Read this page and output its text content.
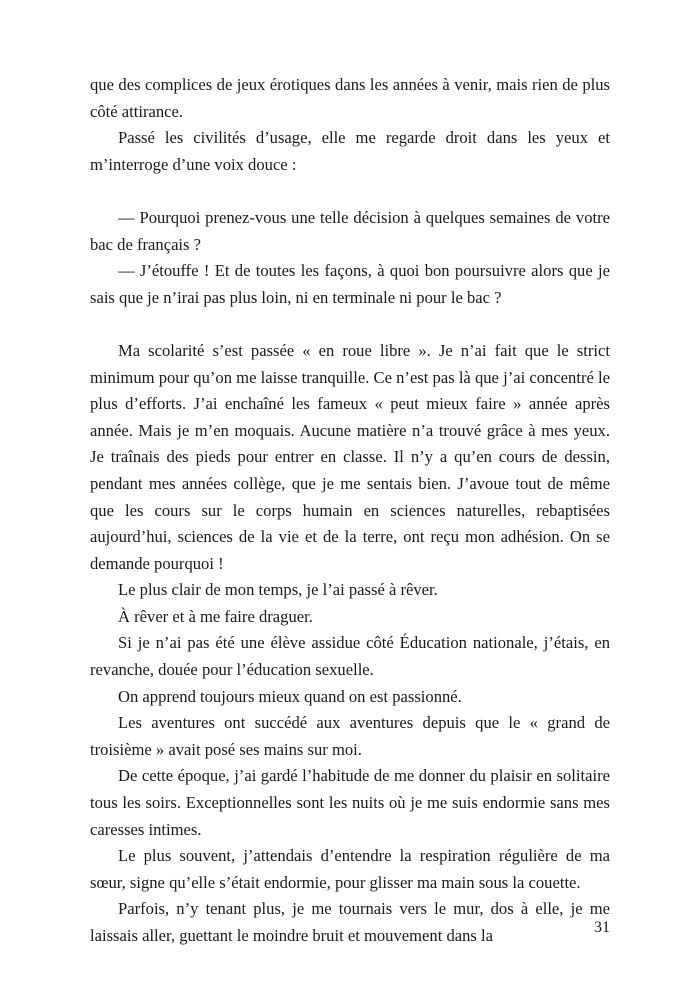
que des complices de jeux érotiques dans les années à venir, mais rien de plus côté attirance.

Passé les civilités d’usage, elle me regarde droit dans les yeux et m’interroge d’une voix douce :

— Pourquoi prenez-vous une telle décision à quelques semaines de votre bac de français ?

— J’étouffe ! Et de toutes les façons, à quoi bon poursuivre alors que je sais que je n’irai pas plus loin, ni en terminale ni pour le bac ?

Ma scolarité s’est passée « en roue libre ». Je n’ai fait que le strict minimum pour qu’on me laisse tranquille. Ce n’est pas là que j’ai concentré le plus d’efforts. J’ai enchaîné les fameux « peut mieux faire » année après année. Mais je m’en moquais. Aucune matière n’a trouvé grâce à mes yeux. Je traînais des pieds pour entrer en classe. Il n’y a qu’en cours de dessin, pendant mes années collège, que je me sentais bien. J’avoue tout de même que les cours sur le corps humain en sciences naturelles, rebaptisées aujourd’hui, sciences de la vie et de la terre, ont reçu mon adhésion. On se demande pourquoi !

Le plus clair de mon temps, je l’ai passé à rêver.

À rêver et à me faire draguer.

Si je n’ai pas été une élève assidue côté Éducation nationale, j’étais, en revanche, douée pour l’éducation sexuelle.

On apprend toujours mieux quand on est passionné.

Les aventures ont succédé aux aventures depuis que le « grand de troisième » avait posé ses mains sur moi.

De cette époque, j’ai gardé l’habitude de me donner du plaisir en solitaire tous les soirs. Exceptionnelles sont les nuits où je me suis endormie sans mes caresses intimes.

Le plus souvent, j’attendais d’entendre la respiration régulière de ma sœur, signe qu’elle s’était endormie, pour glisser ma main sous la couette.

Parfois, n’y tenant plus, je me tournais vers le mur, dos à elle, je me laissais aller, guettant le moindre bruit et mouvement dans la	31
